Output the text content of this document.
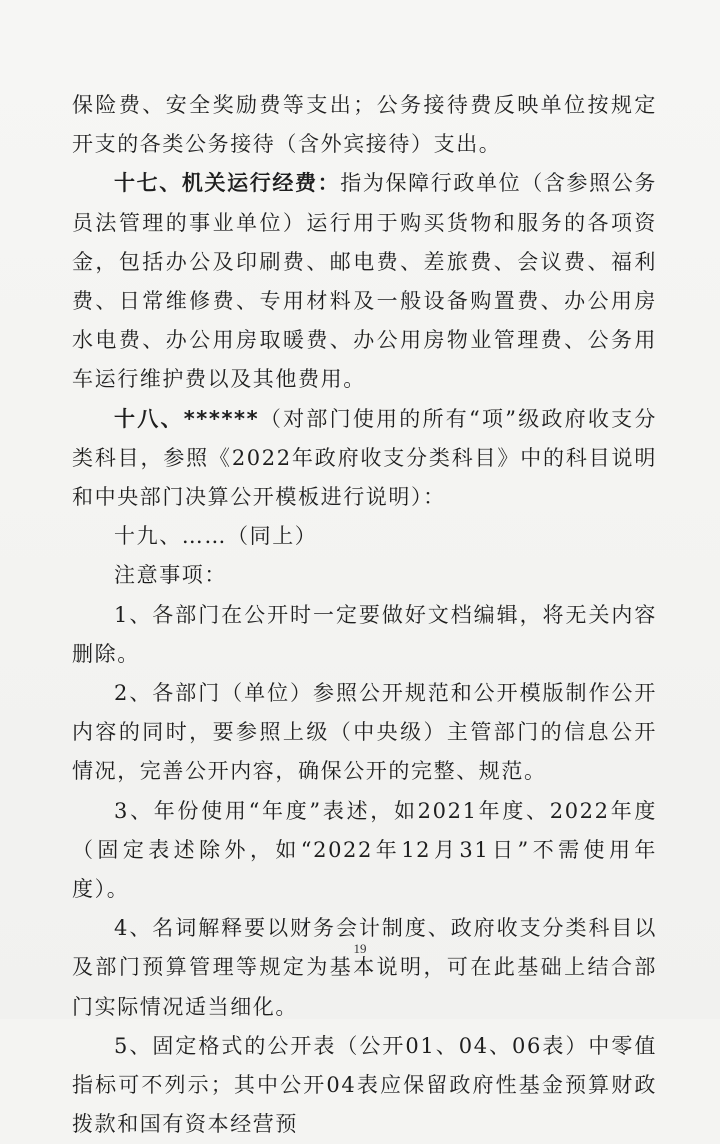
保险费、安全奖励费等支出；公务接待费反映单位按规定开支的各类公务接待（含外宾接待）支出。

十七、机关运行经费：指为保障行政单位（含参照公务员法管理的事业单位）运行用于购买货物和服务的各项资金，包括办公及印刷费、邮电费、差旅费、会议费、福利费、日常维修费、专用材料及一般设备购置费、办公用房水电费、办公用房取暖费、办公用房物业管理费、公务用车运行维护费以及其他费用。

十八、******（对部门使用的所有“项”级政府收支分类科目，参照《2022年政府收支分类科目》中的科目说明和中央部门决算公开模板进行说明）：

十九、……（同上）

注意事项：

1、各部门在公开时一定要做好文档编辑，将无关内容删除。

2、各部门（单位）参照公开规范和公开模版制作公开内容的同时，要参照上级（中央级）主管部门的信息公开情况，完善公开内容，确保公开的完整、规范。

3、年份使用“年度”表述，如2021年度、2022年度（固定表述除外，如“2022年12月31日”不需使用年度）。

4、名词解释要以财务会计制度、政府收支分类科目以及部门预算管理等规定为基本说明，可在此基础上结合部门实际情况适当细化。

5、固定格式的公开表（公开01、04、06表）中零值指标可不列示；其中公开04表应保留政府性基金预算财政拨款和国有资本经营预

19
